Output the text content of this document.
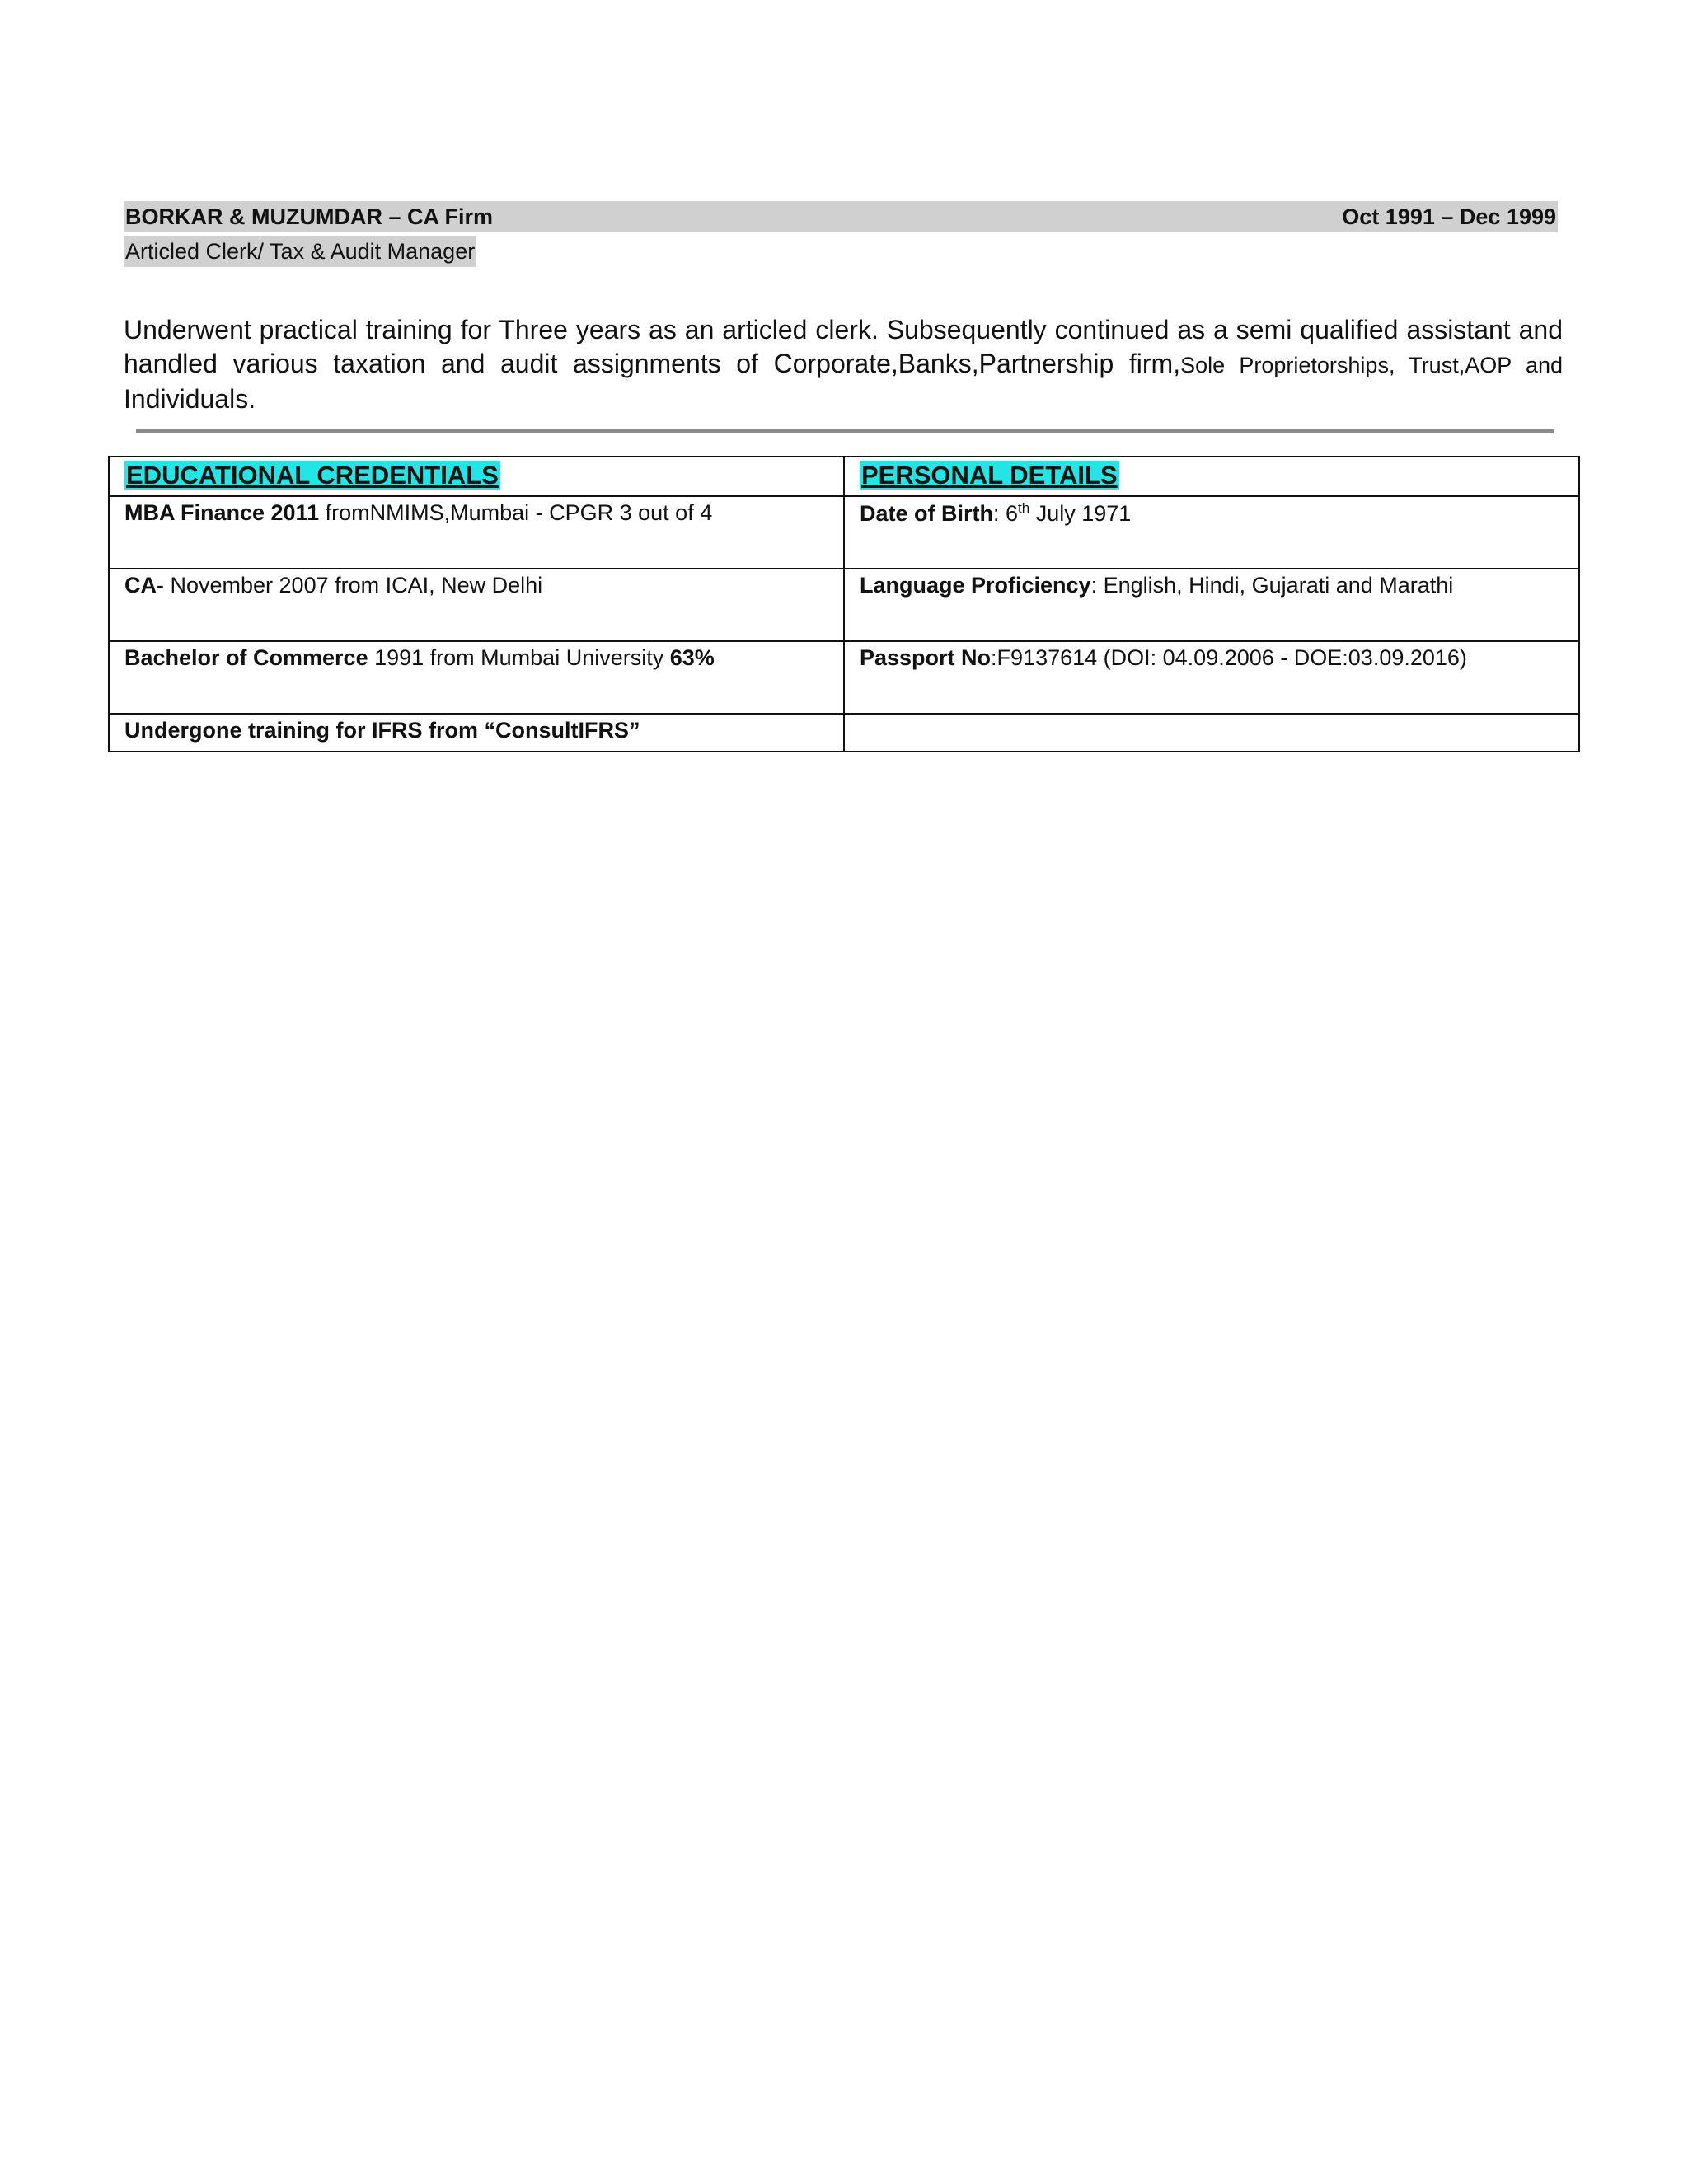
BORKAR & MUZUMDAR – CA Firm	Oct 1991 – Dec 1999
Articled Clerk/ Tax & Audit Manager
Underwent practical training for Three years as an articled clerk. Subsequently continued as a semi qualified assistant and handled various taxation and audit assignments of Corporate,Banks,Partnership firm,Sole Proprietorships, Trust,AOP and Individuals.
EDUCATIONAL CREDENTIALS	PERSONAL DETAILS
MBA Finance 2011 fromNMIMS,Mumbai - CPGR 3 out of 4	Date of Birth: 6th July 1971
CA- November 2007 from ICAI, New Delhi	Language Proficiency: English, Hindi, Gujarati and Marathi
Bachelor of Commerce 1991 from Mumbai University 63%	Passport No:F9137614 (DOI: 04.09.2006 - DOE:03.09.2016)
Undergone training for IFRS from “ConsultIFRS”	
